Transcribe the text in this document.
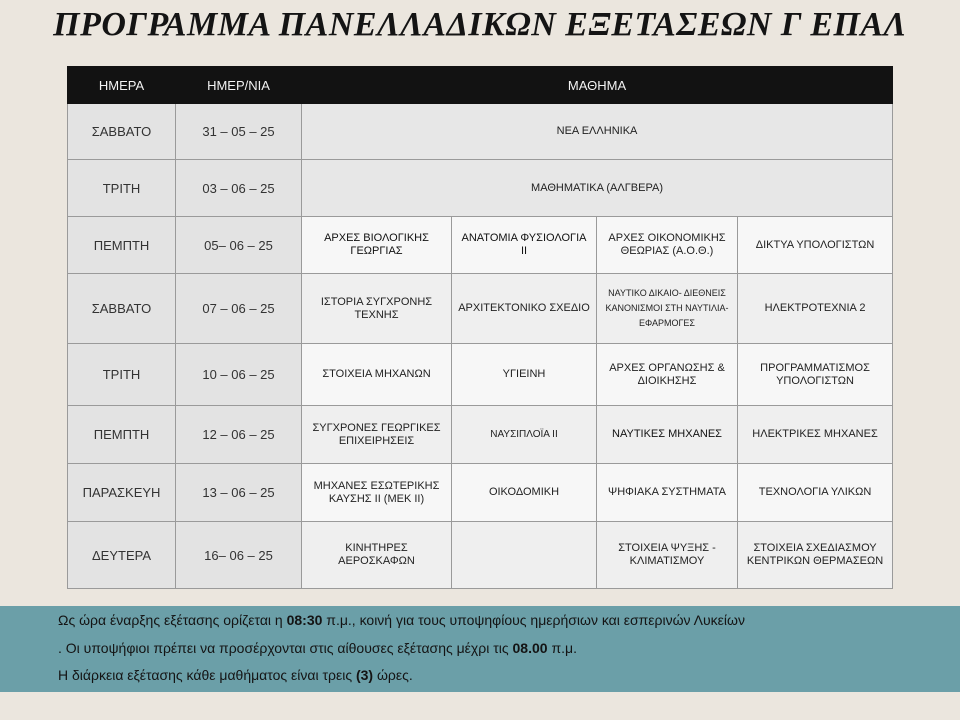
ΠΡΟΓΡΑΜΜΑ ΠΑΝΕΛΛΑΔΙΚΩΝ ΕΞΕΤΑΣΕΩΝ Γ ΕΠΑΛ
ΗΜΕΡΑ	ΗΜΕΡ/ΝΙΑ	ΜΑΘΗΜΑ			
ΣΑΒΒΑΤΟ	31 – 05 – 25	ΝΕΑ ΕΛΛΗΝΙΚΑ			
ΤΡΙΤΗ	03 – 06 – 25	ΜΑΘΗΜΑΤΙΚΑ (ΑΛΓΒΕΡΑ)			
ΠΕΜΠΤΗ	05– 06 – 25	ΑΡΧΕΣ ΒΙΟΛΟΓΙΚΗΣ ΓΕΩΡΓΙΑΣ	ΑΝΑΤΟΜΙΑ ΦΥΣΙΟΛΟΓΙΑ ΙΙ	ΑΡΧΕΣ ΟΙΚΟΝΟΜΙΚΗΣ ΘΕΩΡΙΑΣ (Α.Ο.Θ.)	ΔΙΚΤΥΑ ΥΠΟΛΟΓΙΣΤΩΝ
ΣΑΒΒΑΤΟ	07 – 06 – 25	ΙΣΤΟΡΙΑ ΣΥΓΧΡΟΝΗΣ ΤΕΧΝΗΣ	ΑΡΧΙΤΕΚΤΟΝΙΚΟ ΣΧΕΔΙΟ	ΝΑΥΤΙΚΟ ΔΙΚΑΙΟ- ΔΙΕΘΝΕΙΣ ΚΑΝΟΝΙΣΜΟΙ ΣΤΗ ΝΑΥΤΙΛΙΑ- ΕΦΑΡΜΟΓΕΣ	ΗΛΕΚΤΡΟΤΕΧΝΙΑ 2
ΤΡΙΤΗ	10 – 06 – 25	ΣΤΟΙΧΕΙΑ ΜΗΧΑΝΩΝ	ΥΓΙΕΙΝΗ	ΑΡΧΕΣ ΟΡΓΑΝΩΣΗΣ & ΔΙΟΙΚΗΣΗΣ	ΠΡΟΓΡΑΜΜΑΤΙΣΜΟΣ ΥΠΟΛΟΓΙΣΤΩΝ
ΠΕΜΠΤΗ	12 – 06 – 25	ΣΥΓΧΡΟΝΕΣ ΓΕΩΡΓΙΚΕΣ ΕΠΙΧΕΙΡΗΣΕΙΣ	ΝΑΥΣΙΠΛΟΪΑ ΙΙ	ΝΑΥΤΙΚΕΣ ΜΗΧΑΝΕΣ	ΗΛΕΚΤΡΙΚΕΣ ΜΗΧΑΝΕΣ
ΠΑΡΑΣΚΕΥΗ	13 – 06 – 25	ΜΗΧΑΝΕΣ ΕΣΩΤΕΡΙΚΗΣ ΚΑΥΣΗΣ ΙΙ (ΜΕΚ ΙΙ)	ΟΙΚΟΔΟΜΙΚΗ	ΨΗΦΙΑΚΑ ΣΥΣΤΗΜΑΤΑ	ΤΕΧΝΟΛΟΓΙΑ ΥΛΙΚΩΝ
ΔΕΥΤΕΡΑ	16– 06 – 25	ΚΙΝΗΤΗΡΕΣ ΑΕΡΟΣΚΑΦΩΝ		ΣΤΟΙΧΕΙΑ ΨΥΞΗΣ - ΚΛΙΜΑΤΙΣΜΟΥ	ΣΤΟΙΧΕΙΑ ΣΧΕΔΙΑΣΜΟΥ ΚΕΝΤΡΙΚΩΝ ΘΕΡΜΑΣΕΩΝ
Ως ώρα έναρξης εξέτασης ορίζεται η 08:30 π.μ., κοινή για τους υποψηφίους ημερήσιων και εσπερινών Λυκείων
. Οι υποψήφιοι πρέπει να προσέρχονται στις αίθουσες εξέτασης μέχρι τις 08.00 π.μ.
Η διάρκεια εξέτασης κάθε μαθήματος είναι τρεις (3) ώρες.
